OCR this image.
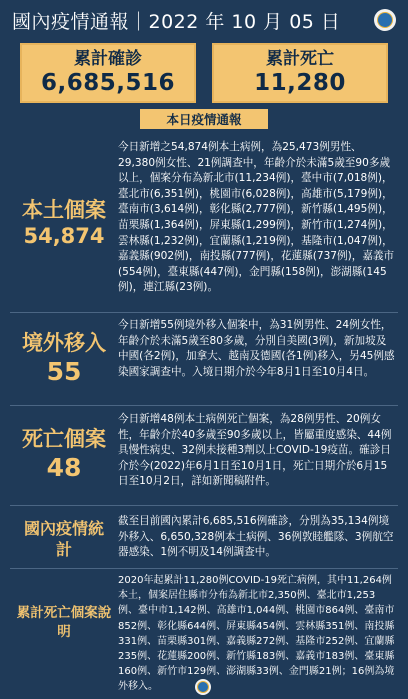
國內疫情通報｜2022 年 10 月 05 日
累計確診
6,685,516
累計死亡
11,280
本日疫情通報
本土個案
54,874
今日新增之54,874例本土病例，為25,473例男性、29,380例女性、21例調查中，年齡介於未滿5歲至90多歲以上，個案分布為新北市(11,234例)，臺中市(7,018例)，臺北市(6,351例)，桃園市(6,028例)，高雄市(5,179例)，臺南市(3,614例)，彰化縣(2,777例)，新竹縣(1,495例)，苗栗縣(1,364例)，屏東縣(1,299例)，新竹市(1,274例)，雲林縣(1,232例)，宜蘭縣(1,219例)，基隆市(1,047例)，嘉義縣(902例)，南投縣(777例)，花蓮縣(737例)，嘉義市(554例)，臺東縣(447例)，金門縣(158例)，澎湖縣(145例)，連江縣(23例)。
境外移入
55
今日新增55例境外移入個案中，為31例男性、24例女性，年齡介於未滿5歲至80多歲，分別自美國(3例)，新加坡及中國(各2例)，加拿大、越南及德國(各1例)移入，另45例感染國家調查中。入境日期介於今年8月1日至10月4日。
死亡個案
48
今日新增48例本土病例死亡個案，為28例男性、20例女性，年齡介於40多歲至90多歲以上，皆屬重度感染、44例具慢性病史、32例未接種3劑以上COVID-19疫苗。確診日介於今(2022)年6月1日至10月1日，死亡日期介於6月15日至10月2日，詳如新聞稿附件。
國內疫情統計
截至目前國內累計6,685,516例確診，分別為35,134例境外移入、6,650,328例本土病例、36例敦睦艦隊、3例航空器感染、1例不明及14例調查中。
累計死亡個案說明
2020年起累計11,280例COVID-19死亡病例，其中11,264例本土，個案居住縣市分布為新北市2,350例、臺北市1,253例、臺中市1,142例、高雄市1,044例、桃園市864例、臺南市852例、彰化縣644例、屏東縣454例、雲林縣351例、南投縣331例、苗栗縣301例、嘉義縣272例、基隆市252例、宜蘭縣235例、花蓮縣200例、新竹縣183例、嘉義市183例、臺東縣160例、新竹市129例、澎湖縣33例、金門縣21例；16例為境外移入。
